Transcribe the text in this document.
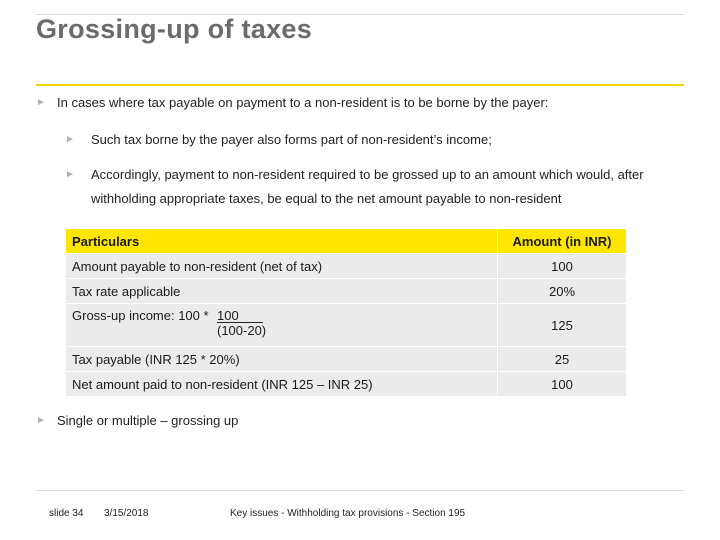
Grossing-up of taxes
► In cases where tax payable on payment to a non-resident is to be borne by the payer:
► Such tax borne by the payer also forms part of non-resident’s income;
► Accordingly, payment to non-resident required to be grossed up to an amount which would, after
withholding appropriate taxes, be equal to the net amount payable to non-resident
Particulars	Amount (in INR)
Amount payable to non-resident (net of tax)	100
Tax rate applicable	20%

Gross-up income: $100 * \frac{100}{(100-20)}$	125
Tax payable (INR 125 * 20%)	25
Net amount paid to non-resident (INR 125 – INR 25)	100
► Single or multiple – grossing up
slide 34 3/15/2018	Key issues - Withholding tax provisions - Section 195
